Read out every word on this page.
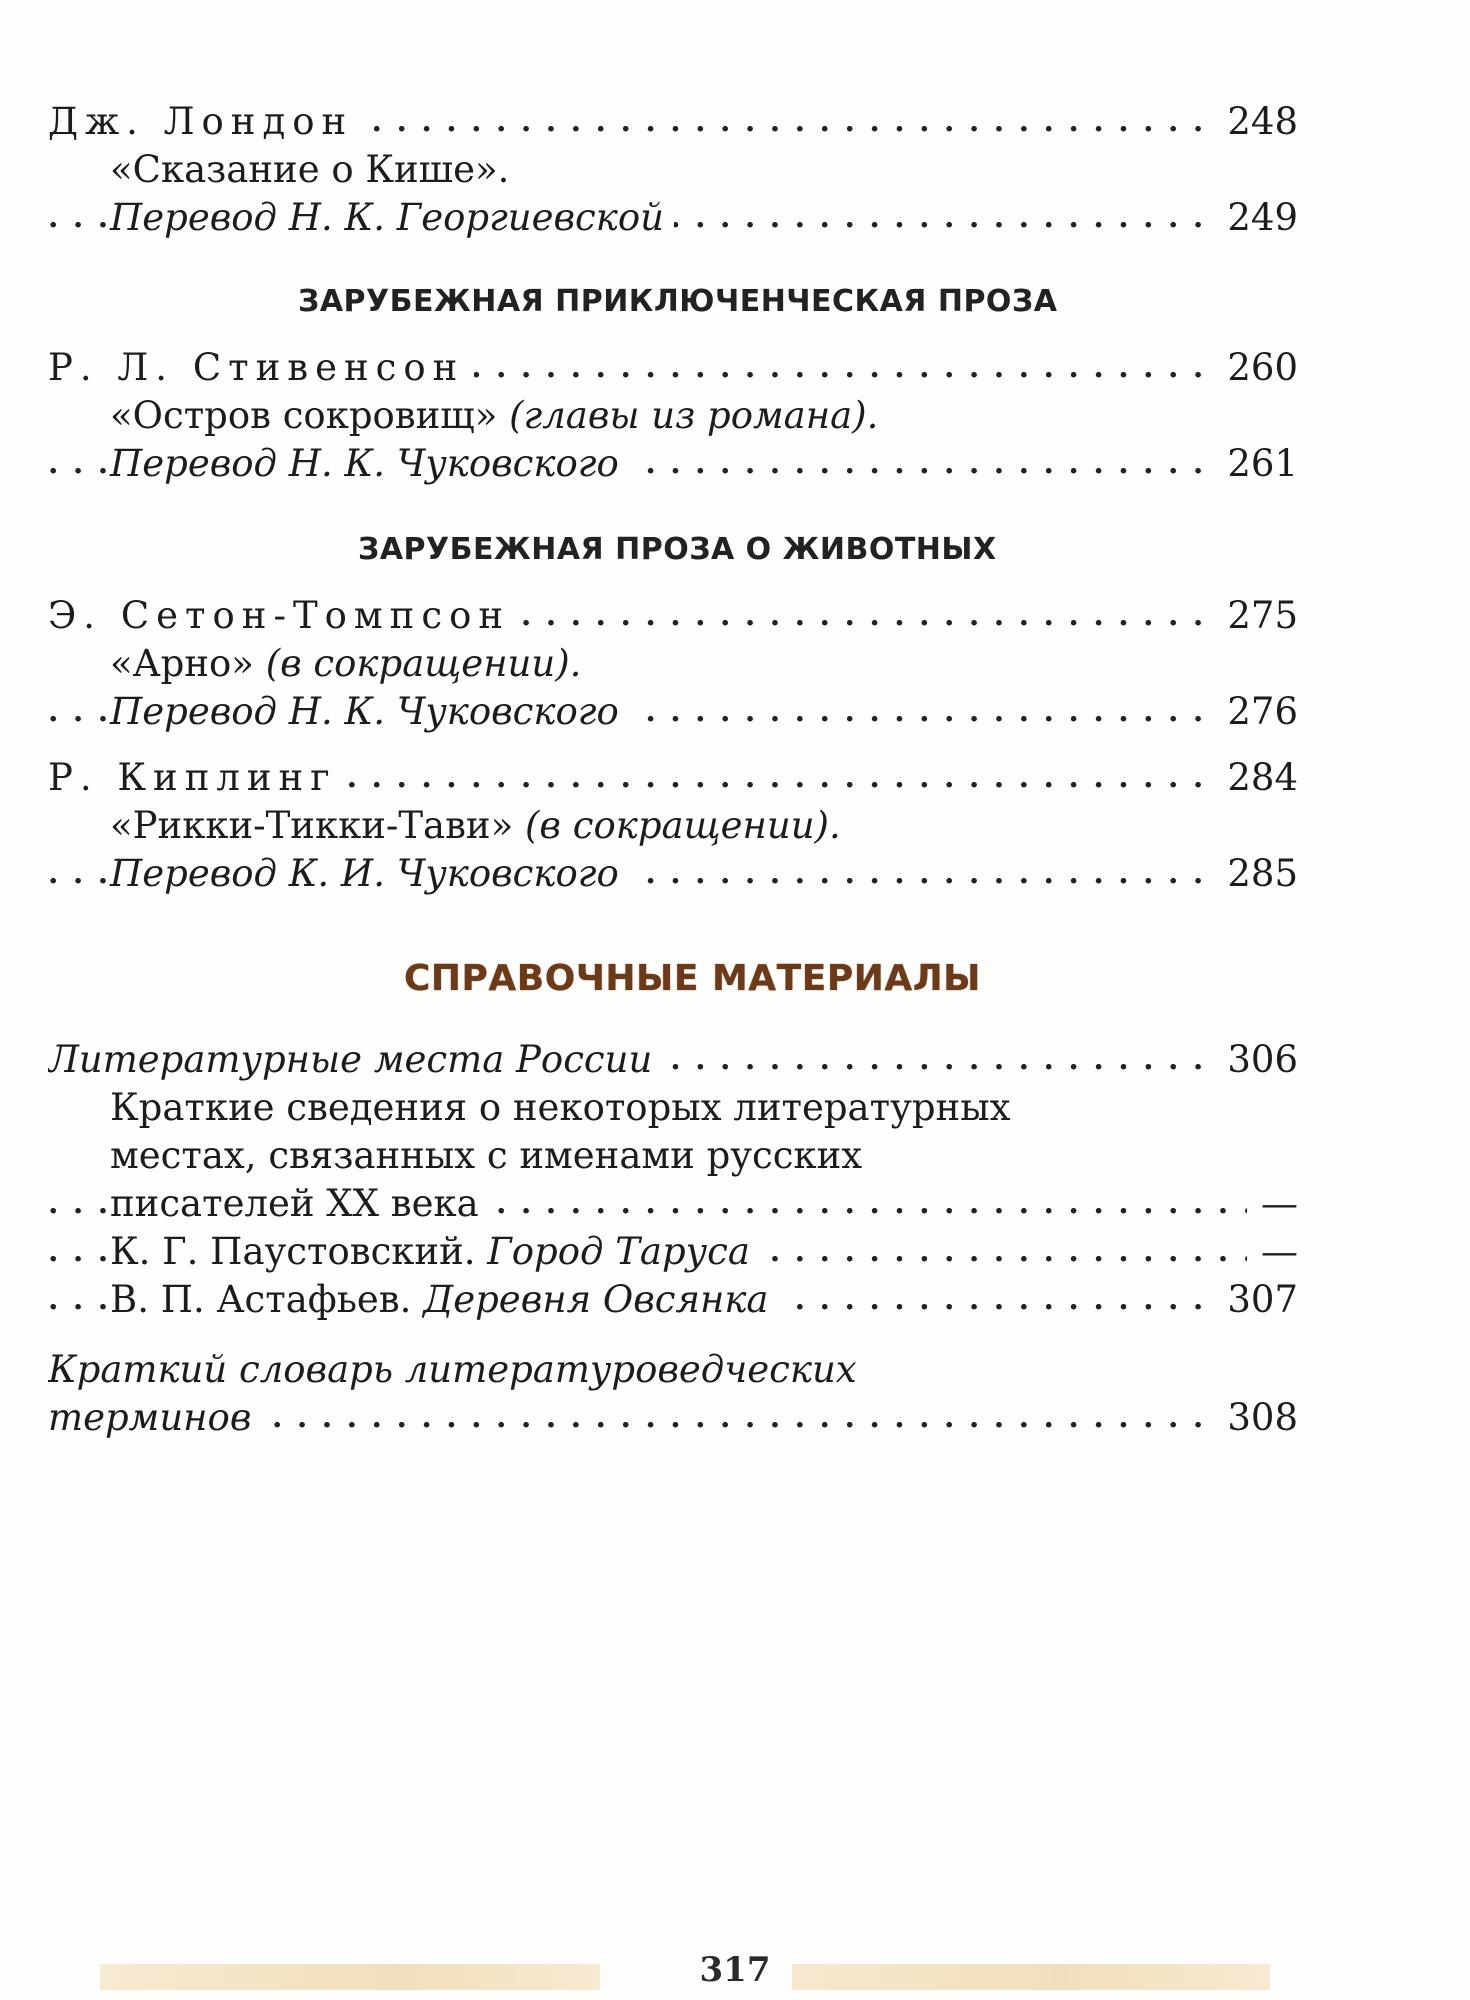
. . . Дж. Лондон	248
«Сказание о Кише».
. . . Перевод Н. К. Георгиевской	249
ЗАРУБЕЖНАЯ ПРИКЛЮЧЕНЧЕСКАЯ ПРОЗА
. . . Р. Л. Стивенсон	260
«Остров сокровищ» (главы из романа).
. . . Перевод Н. К. Чуковского	261
ЗАРУБЕЖНАЯ ПРОЗА О ЖИВОТНЫХ
. . . Э. Сетон-Томпсон	275
«Арно» (в сокращении).
. . . Перевод Н. К. Чуковского	276
. . . Р. Киплинг	284
«Рикки-Тикки-Тави» (в сокращении).
. . . Перевод К. И. Чуковского	285
СПРАВОЧНЫЕ МАТЕРИАЛЫ
. . . Литературные места России	306
Краткие сведения о некоторых литературных
местах, связанных с именами русских
. . . писателей XX века	—
. . . К. Г. Паустовский. Город Таруса	—
. . . В. П. Астафьев. Деревня Овсянка	307
Краткий словарь литературоведческих
. . . терминов	308
317
